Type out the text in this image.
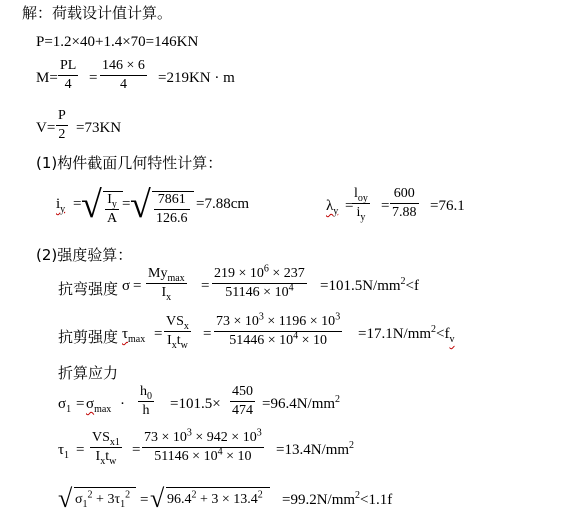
解：荷载设计值计算。
P=1.2×40+1.4×70=146KN
M=
PL
4 =
146 × 6
4 =219KN · m
V=
P
2 =73KN
(1)构件截面几何特性计算：
$i_y$ = √ $I_y$
A
= √ 7861
126.6
=7.88cm	$\lambda_y$ =
$l_{oy}$
$i_y$
=
600
7.88 =76.1
(2)强度验算：
抗弯强度 σ =
$My_{max}$
$I_x$
=
$219 \times 10^6 \times 237$
$51146 \times 10^4 =101.5N/mm^2<f$
抗剪强度 $\tau_{max}$ =
$VS_x$
$I_xt_w$
=
$73 \times 10^3 \times 1196 \times 10^3$
$51446 \times 10^4 \times 10 =17.1N/mm^2<f_v$
折算应力
$\sigma_1 = \sigma_{max}$ ·
$h_0$
h =101.5×
450
$474 =96.4N/mm^2$
$\tau_1$ =
$VS_{x1}$
$I_xt_w$
=
$73 \times 10^3 \times 942 \times 10^3$
$51146 \times 10^4 \times 10 =13.4N/mm^2$
√ $\sigma_1^2 + 3\tau_1^2$ = √ $96.4^2 + 3 \times 13.4^2 =99.2N/mm^2<1.1f$
